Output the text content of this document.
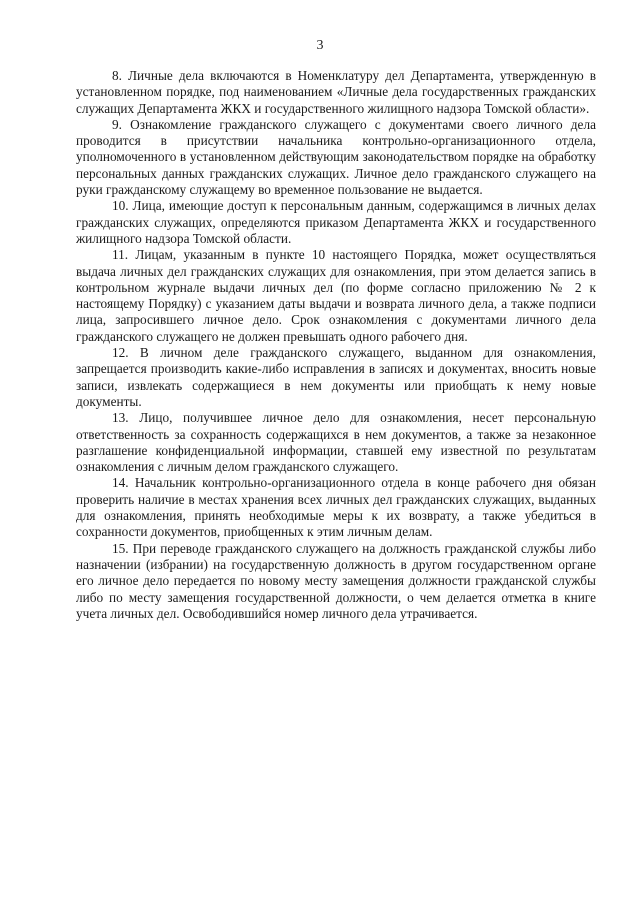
3

8. Личные дела включаются в Номенклатуру дел Департамента, утвержденную в установленном порядке, под наименованием «Личные дела государственных гражданских служащих Департамента ЖКХ и государственного жилищного надзора Томской области».

9. Ознакомление гражданского служащего с документами своего личного дела проводится в присутствии начальника контрольно-организационного отдела, уполномоченного в установленном действующим законодательством порядке на обработку персональных данных гражданских служащих. Личное дело гражданского служащего на руки гражданскому служащему во временное пользование не выдается.

10. Лица, имеющие доступ к персональным данным, содержащимся в личных делах гражданских служащих, определяются приказом Департамента ЖКХ и государственного жилищного надзора Томской области.

11. Лицам, указанным в пункте 10 настоящего Порядка, может осуществляться выдача личных дел гражданских служащих для ознакомления, при этом делается запись в контрольном журнале выдачи личных дел (по форме согласно приложению № 2 к настоящему Порядку) с указанием даты выдачи и возврата личного дела, а также подписи лица, запросившего личное дело. Срок ознакомления с документами личного дела гражданского служащего не должен превышать одного рабочего дня.

12. В личном деле гражданского служащего, выданном для ознакомления, запрещается производить какие-либо исправления в записях и документах, вносить новые записи, извлекать содержащиеся в нем документы или приобщать к нему новые документы.

13. Лицо, получившее личное дело для ознакомления, несет персональную ответственность за сохранность содержащихся в нем документов, а также за незаконное разглашение конфиденциальной информации, ставшей ему известной по результатам ознакомления с личным делом гражданского служащего.

14. Начальник контрольно-организационного отдела в конце рабочего дня обязан проверить наличие в местах хранения всех личных дел гражданских служащих, выданных для ознакомления, принять необходимые меры к их возврату, а также убедиться в сохранности документов, приобщенных к этим личным делам.

15. При переводе гражданского служащего на должность гражданской службы либо назначении (избрании) на государственную должность в другом государственном органе его личное дело передается по новому месту замещения должности гражданской службы либо по месту замещения государственной должности, о чем делается отметка в книге учета личных дел. Освободившийся номер личного дела утрачивается.
